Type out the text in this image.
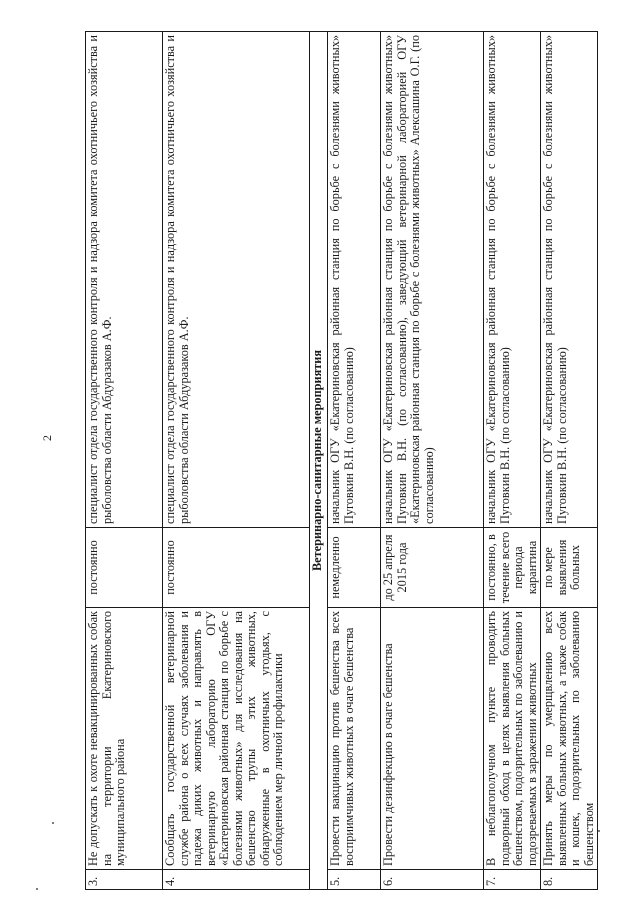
2
3.	Не допускать к охоте невакцинированных собак на территории Екатериновского муниципального района	постоянно	специалист отдела государственного контроля и надзора комитета охотничьего хозяйства и рыболовства области Абдуразаков А.Ф.
4.	Сообщать государственной ветеринарной службе района о всех случаях заболевания и падежа диких животных и направлять в ветеринарную лабораторию ОГУ «Екатериновская районная станция по борьбе с болезнями животных» для исследования на бешенство трупы этих животных, обнаруженные в охотничьих угодьях, с соблюдением мер личной профилактики	постоянно	специалист отдела государственного контроля и надзора комитета охотничьего хозяйства и рыболовства области Абдуразаков А.Ф.
Ветеринарно-санитарные мероприятия			
5.	Провести вакцинацию против бешенства всех восприимчивых животных в очаге бешенства	немедленно	начальник ОГУ «Екатериновская районная станция по борьбе с болезнями животных» Пуговкин В.Н. (по согласованию)
6.	Провести дезинфекцию в очаге бешенства	до 25 апреля 2015 года	начальник ОГУ «Екатериновская районная станция по борьбе с болезнями животных» Пуговкин В.Н. (по согласованию), заведующий ветеринарной лабораторией ОГУ «Екатериновская районная станция по борьбе с болезнями животных» Алексашина О.Г. (по согласованию)
7.	В неблагополучном пункте проводить подворный обход в целях выявления больных бешенством, подозрительных по заболеванию и подозреваемых в заражении животных	постоянно, в течение всего периода карантина	начальник ОГУ «Екатериновская районная станция по борьбе с болезнями животных» Пуговкин В.Н. (по согласованию)
8.	Принять меры по умерщвлению всех выявленных больных животных, а также собак и кошек, подозрительных по заболеванию бешенством	по мере выявления больных	начальник ОГУ «Екатериновская районная станция по борьбе с болезнями животных» Пуговкин В.Н. (по согласованию)
